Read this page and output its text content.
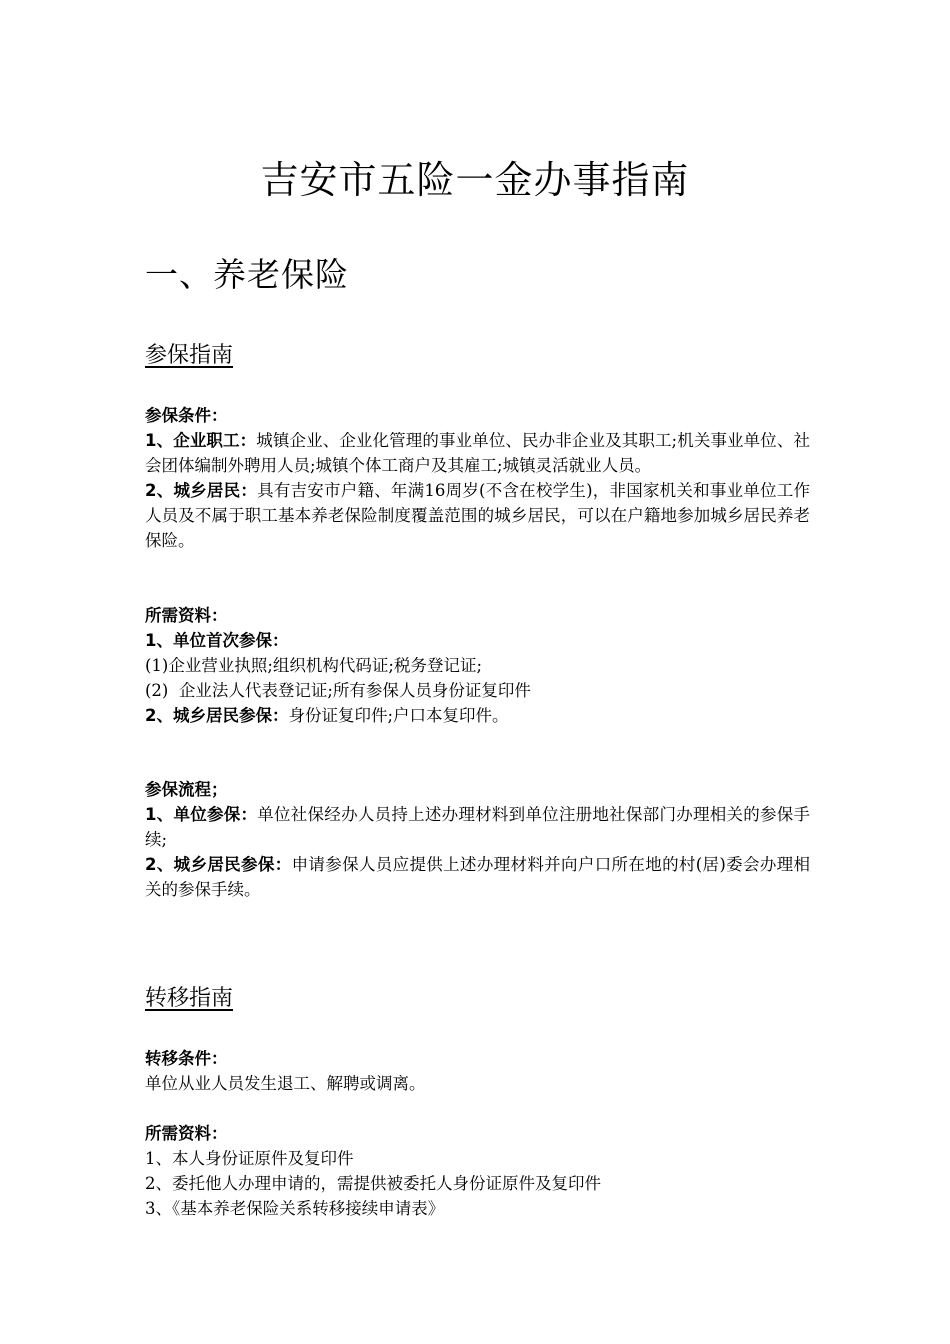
吉安市五险一金办事指南
一、养老保险
参保指南

参保条件：

1、企业职工：城镇企业、企业化管理的事业单位、民办非企业及其职工;机关事业单位、社会团体编制外聘用人员;城镇个体工商户及其雇工;城镇灵活就业人员。

2、城乡居民：具有吉安市户籍、年满16周岁(不含在校学生)，非国家机关和事业单位工作人员及不属于职工基本养老保险制度覆盖范围的城乡居民，可以在户籍地参加城乡居民养老保险。

所需资料：

1、单位首次参保：

(1)企业营业执照;组织机构代码证;税务登记证;

(2)  企业法人代表登记证;所有参保人员身份证复印件

2、城乡居民参保：身份证复印件;户口本复印件。

参保流程；

1、单位参保：单位社保经办人员持上述办理材料到单位注册地社保部门办理相关的参保手续;

2、城乡居民参保：申请参保人员应提供上述办理材料并向户口所在地的村(居)委会办理相关的参保手续。

转移指南

转移条件：

单位从业人员发生退工、解聘或调离。

所需资料：

1、本人身份证原件及复印件

2、委托他人办理申请的，需提供被委托人身份证原件及复印件

3、《基本养老保险关系转移接续申请表》
